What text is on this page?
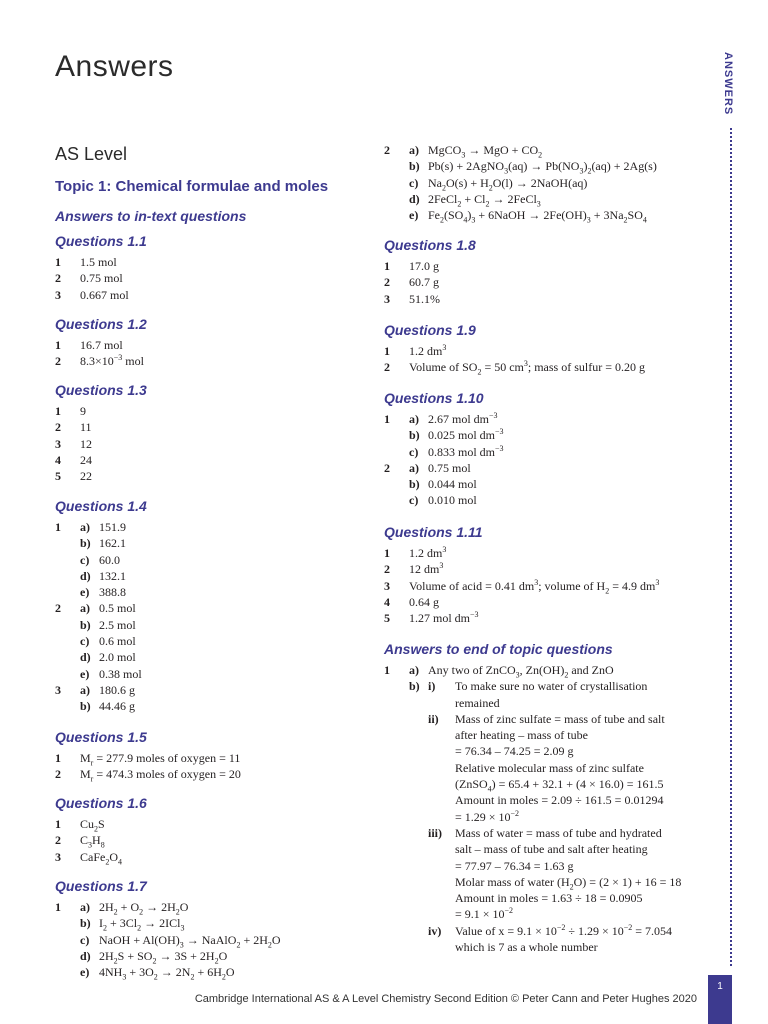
Answers	ANSWERS
1
Cambridge International AS & A Level Chemistry Second Edition © Peter Cann and Peter Hughes 2020
AS Level
Topic 1: Chemical formulae and moles
Answers to in-text questions
Questions 1.1
1	1.5 mol
2	0.75 mol
3	0.667 mol
Questions 1.2
1	16.7 mol
2	$8.3\times 10^{-3}$ mol
Questions 1.3
1	9
2	11
3	12
4	24
5	22
Questions 1.4
1	a) 151.9
b) 162.1
c) 60.0
d) 132.1
e) 388.8
2	a) 0.5 mol
b) 2.5 mol
c) 0.6 mol
d) 2.0 mol
e) 0.38 mol
3	a) 180.6 g
b) 44.46 g
Questions 1.5
1	$M_r = 277.9$ moles of oxygen = 11
2	$M_r = 474.3$ moles of oxygen = 20
Questions 1.6
1	$Cu_2S$
2	$C_3H_8$
3	$CaFe_2O_4$
Questions 1.7
1	a) $2H_2 + O_2 \to 2H_2O$
b) $I_2 + 3Cl_2 \to 2ICl_3$
c) NaOH + $Al(OH)_3$ → NaAlO$_2$ + $2H_2O$
d) $2H_2S + SO_2 \to 3S + 2H_2O$
e) $4NH_3 + 3O_2 \to 2N_2 + 6H_2O$
2	a) MgCO$_3$ → MgO + $CO_2$
b) Pb(s) + 2AgNO$_3$(aq) → $Pb(NO_3)_2(aq) + 2Ag(s)$
c) $Na_2O(s) + H_2O(l)$ → 2NaOH(aq)
d) 2FeCl$_2$ + $Cl_2$ → 2FeCl$_3$
e) $Fe_2(SO_4)_3$ + 6NaOH → $2Fe(OH)_3 + 3Na_2SO_4$
Questions 1.8
1	17.0 g
2	60.7 g
3	51.1%
Questions 1.9
1	1.2 $dm^3$
2	Volume of $SO_2 = 50$ $cm^3$; mass of sulfur = 0.20 g
Questions 1.10
1	a) 2.67 mol $dm^{-3}$
b) 0.025 mol $dm^{-3}$
c) 0.833 mol $dm^{-3}$
2	a) 0.75 mol
b) 0.044 mol
c) 0.010 mol
Questions 1.11
1	1.2 $dm^3$
2	12 $dm^3$
3	Volume of acid = 0.41 $dm^3$; volume of $H_2 = 4.9$ $dm^3$
4	0.64 g
5	1.27 mol $dm^{-3}$
Answers to end of topic questions
1	a) Any two of ZnCO$_3$, $Zn(OH)_2$ and ZnO
b) i)	To make sure no water of crystallisation
remained
ii)	Mass of zinc sulfate = mass of tube and salt
after heating – mass of tube
= 76.34 – 74.25 = 2.09 g
Relative molecular mass of zinc sulfate
(ZnSO$_4$) = 65.4 + 32.1 + (4 × 16.0) = 161.5
Amount in moles = 2.09 ÷ 161.5 = 0.01294
= $1.29 \times 10^{-2}$
iii)	Mass of water = mass of tube and hydrated
salt – mass of tube and salt after heating
= 77.97 – 76.34 = 1.63 g
Molar mass of water $(H_2O) = (2 \times 1) + 16 = 18$
Amount in moles = 1.63 ÷ 18 = 0.0905
= $9.1 \times 10^{-2}$
iv)	Value of $x = 9.1 \times 10^{-2} \div 1.29 \times 10^{-2} = 7.054$
which is 7 as a whole number
